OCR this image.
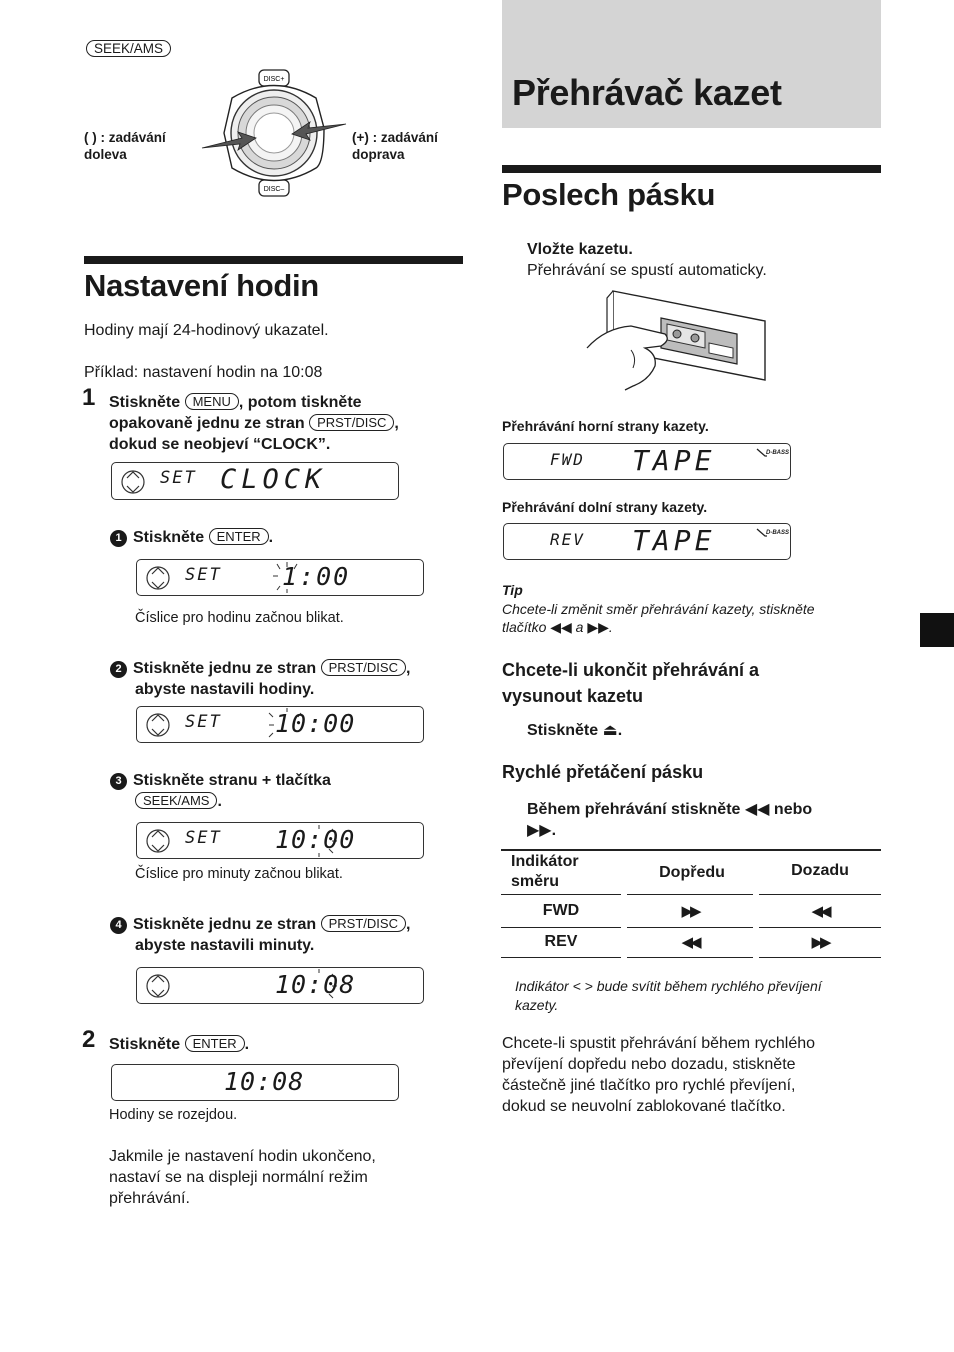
SEEK/AMS
( ) : zadávání
doleva
(+) : zadávání
doprava
DISC+
DISC–
Nastavení hodin
Hodiny mají 24-hodinový ukazatel.
Příklad: nastavení hodin na 10:08
1 Stiskněte MENU , potom tiskněte
opakovaně jednu ze stran PRST/DISC ,
dokud se neobjeví “CLOCK”.
SET CLOCK
1 Stiskněte ENTER .
SET 1:00
Číslice pro hodinu začnou blikat.
2 Stiskněte jednu ze stran PRST/DISC ,
abyste nastavili hodiny.
SET 10:00
3 Stiskněte stranu + tlačítka
SEEK/AMS .
SET 10:00
Číslice pro minuty začnou blikat.
4 Stiskněte jednu ze stran PRST/DISC ,
abyste nastavili minuty.
10:08
2 Stiskněte ENTER .
10:08
Hodiny se rozejdou.
Jakmile je nastavení hodin ukončeno,
nastaví se na displeji normální režim
přehrávání.
Přehrávač kazet
Poslech pásku
Vložte kazetu.
Přehrávání se spustí automaticky.
Přehrávání horní strany kazety.
FWD TAPE	D-BASS
Přehrávání dolní strany kazety.
REV TAPE	D-BASS
Tip
Chcete-li změnit směr přehrávání kazety, stiskněte
tlačítko ◀◀ a ▶▶.
Chcete-li ukončit přehrávání a
vysunout kazetu
Stiskněte ⏏.
Rychlé přetáčení pásku
Během přehrávání stiskněte ◀◀ nebo
▶▶.
Indikátor
směru
Dopředu	Dozadu
FWD	▶▶	◀◀
REV	◀◀	▶▶
Indikátor < > bude svítit během rychlého převíjení
kazety.
Chcete-li spustit přehrávání během rychlého
převíjení dopředu nebo dozadu, stiskněte
částečně jiné tlačítko pro rychlé převíjení,
dokud se neuvolní zablokované tlačítko.
